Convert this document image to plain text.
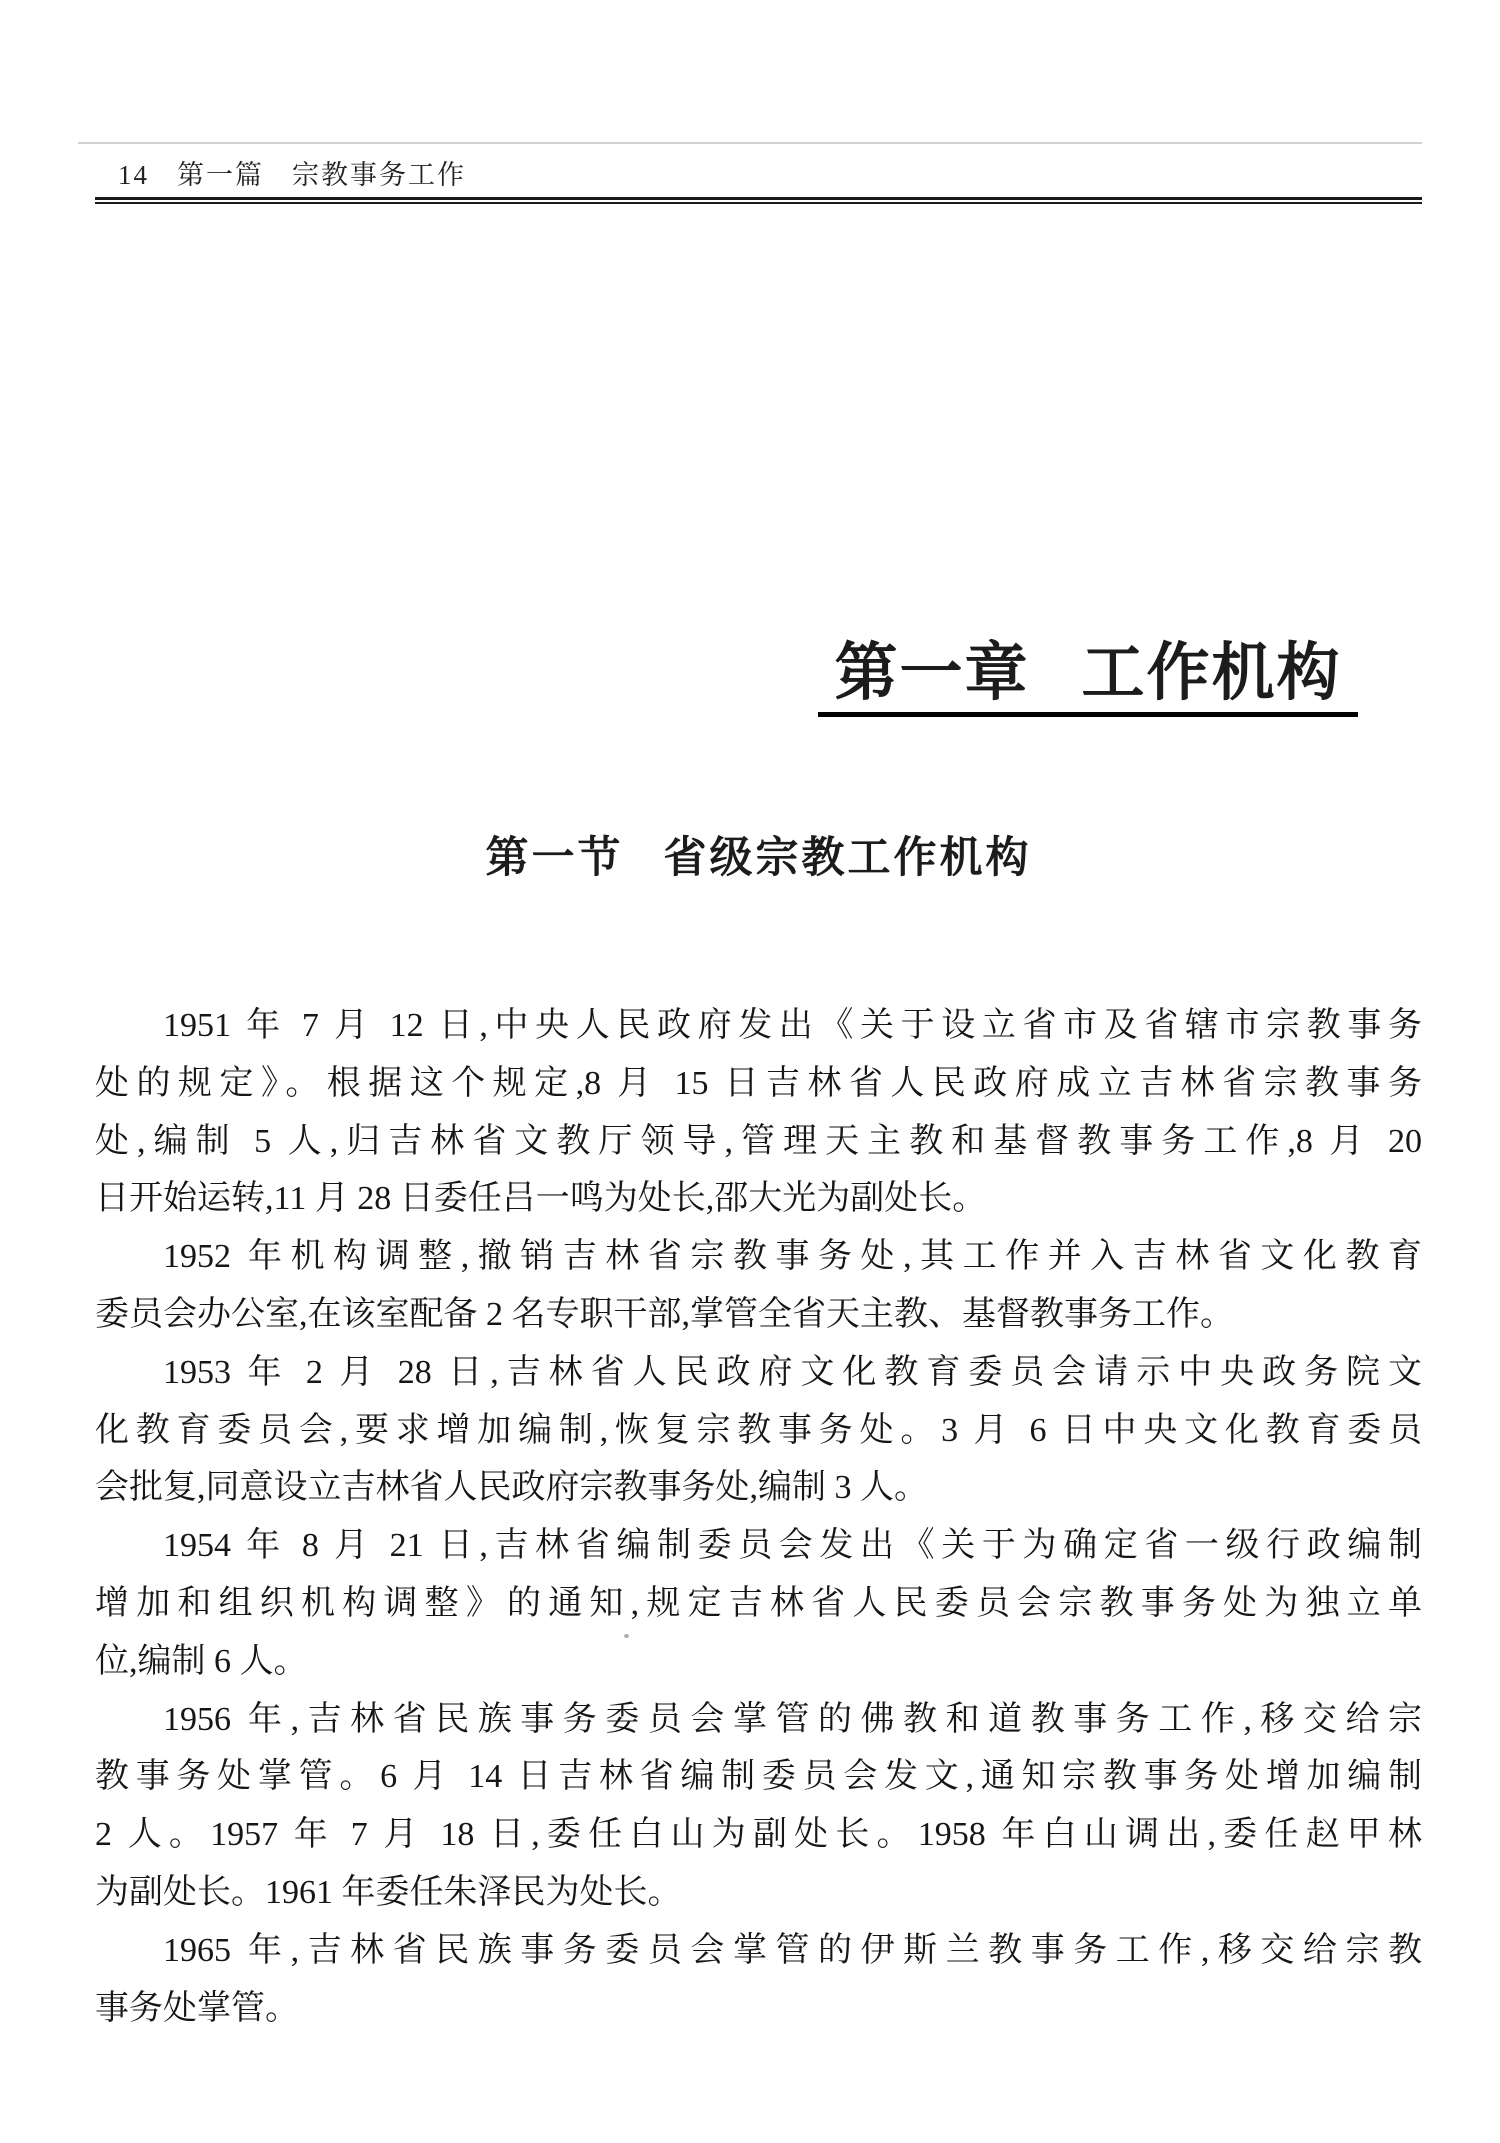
14 第一篇 宗教事务工作
第一章 工作机构
第一节 省级宗教工作机构
1951 年 7 月 12 日,中央人民政府发出《关于设立省市及省辖市宗教事务
处的规定》。根据这个规定,8 月 15 日吉林省人民政府成立吉林省宗教事务
处,编制 5 人,归吉林省文教厅领导,管理天主教和基督教事务工作,8 月 20
日开始运转,11 月 28 日委任吕一鸣为处长,邵大光为副处长。
1952 年机构调整,撤销吉林省宗教事务处,其工作并入吉林省文化教育
委员会办公室,在该室配备 2 名专职干部,掌管全省天主教、基督教事务工作。
1953 年 2 月 28 日,吉林省人民政府文化教育委员会请示中央政务院文
化教育委员会,要求增加编制,恢复宗教事务处。3 月 6 日中央文化教育委员
会批复,同意设立吉林省人民政府宗教事务处,编制 3 人。
1954 年 8 月 21 日,吉林省编制委员会发出《关于为确定省一级行政编制
增加和组织机构调整》的通知,规定吉林省人民委员会宗教事务处为独立单
位,编制 6 人。
1956 年,吉林省民族事务委员会掌管的佛教和道教事务工作,移交给宗
教事务处掌管。6 月 14 日吉林省编制委员会发文,通知宗教事务处增加编制
2 人。1957 年 7 月 18 日,委任白山为副处长。1958 年白山调出,委任赵甲林
为副处长。1961 年委任朱泽民为处长。
1965 年,吉林省民族事务委员会掌管的伊斯兰教事务工作,移交给宗教
事务处掌管。
